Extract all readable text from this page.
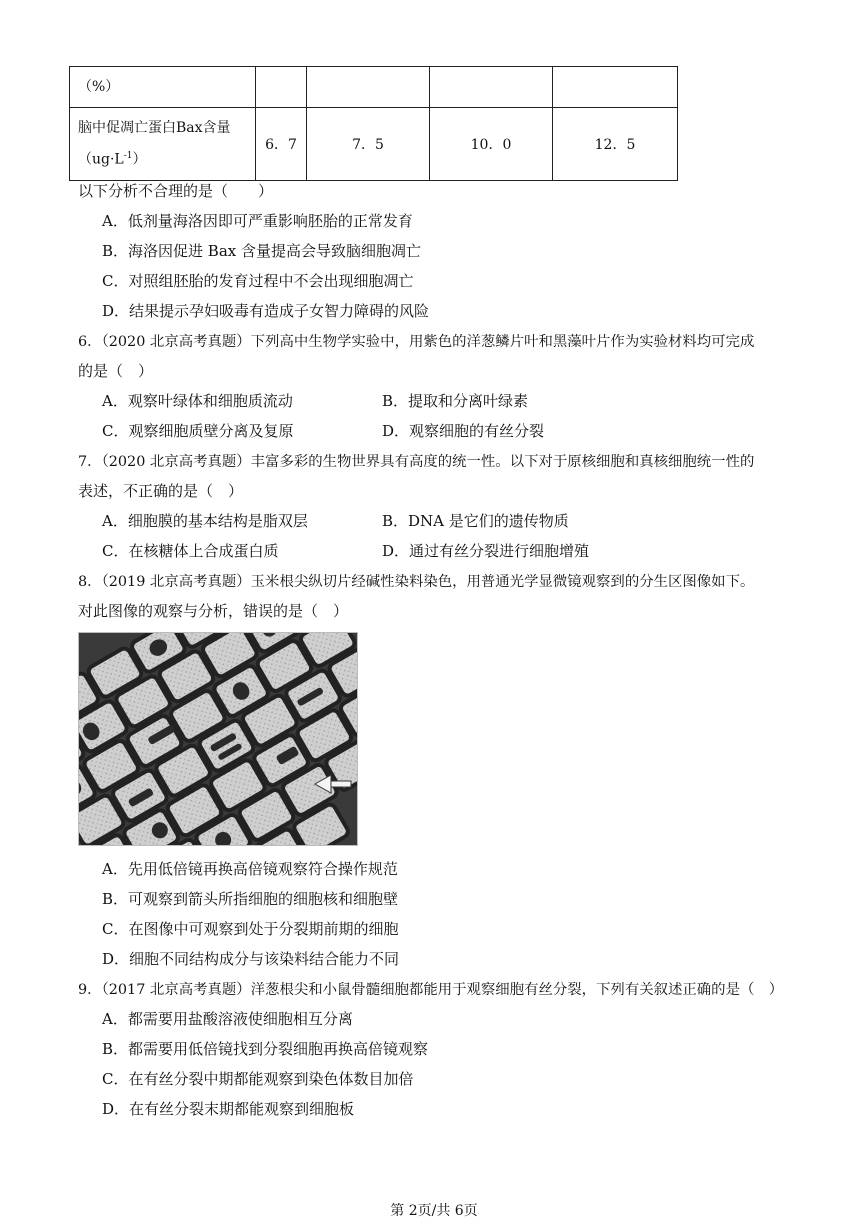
（%）				

脑中促凋亡蛋白Bax含量
$(ug\cdot L^{-1})$	6．7	7．5	10．0	12．5
以下分析不合理的是（　　）
A．低剂量海洛因即可严重影响胚胎的正常发育
B．海洛因促进 Bax 含量提高会导致脑细胞凋亡
C．对照组胚胎的发育过程中不会出现细胞凋亡
D．结果提示孕妇吸毒有造成子女智力障碍的风险
6．（2020 北京高考真题）下列高中生物学实验中，用紫色的洋葱鳞片叶和黑藻叶片作为实验材料均可完成
的是（　）
A．观察叶绿体和细胞质流动	B．提取和分离叶绿素
C．观察细胞质壁分离及复原	D．观察细胞的有丝分裂
7．（2020 北京高考真题）丰富多彩的生物世界具有高度的统一性。以下对于原核细胞和真核细胞统一性的
表述，不正确的是（　）
A．细胞膜的基本结构是脂双层	B．DNA 是它们的遗传物质
C．在核糖体上合成蛋白质	D．通过有丝分裂进行细胞增殖
8．（2019 北京高考真题）玉米根尖纵切片经碱性染料染色，用普通光学显微镜观察到的分生区图像如下。
对此图像的观察与分析，错误的是（　）
A．先用低倍镜再换高倍镜观察符合操作规范
B．可观察到箭头所指细胞的细胞核和细胞壁
C．在图像中可观察到处于分裂期前期的细胞
D．细胞不同结构成分与该染料结合能力不同
9．（2017 北京高考真题）洋葱根尖和小鼠骨髓细胞都能用于观察细胞有丝分裂，下列有关叙述正确的是（　）
A．都需要用盐酸溶液使细胞相互分离
B．都需要用低倍镜找到分裂细胞再换高倍镜观察
C．在有丝分裂中期都能观察到染色体数目加倍
D．在有丝分裂末期都能观察到细胞板
第 2页/共 6页
